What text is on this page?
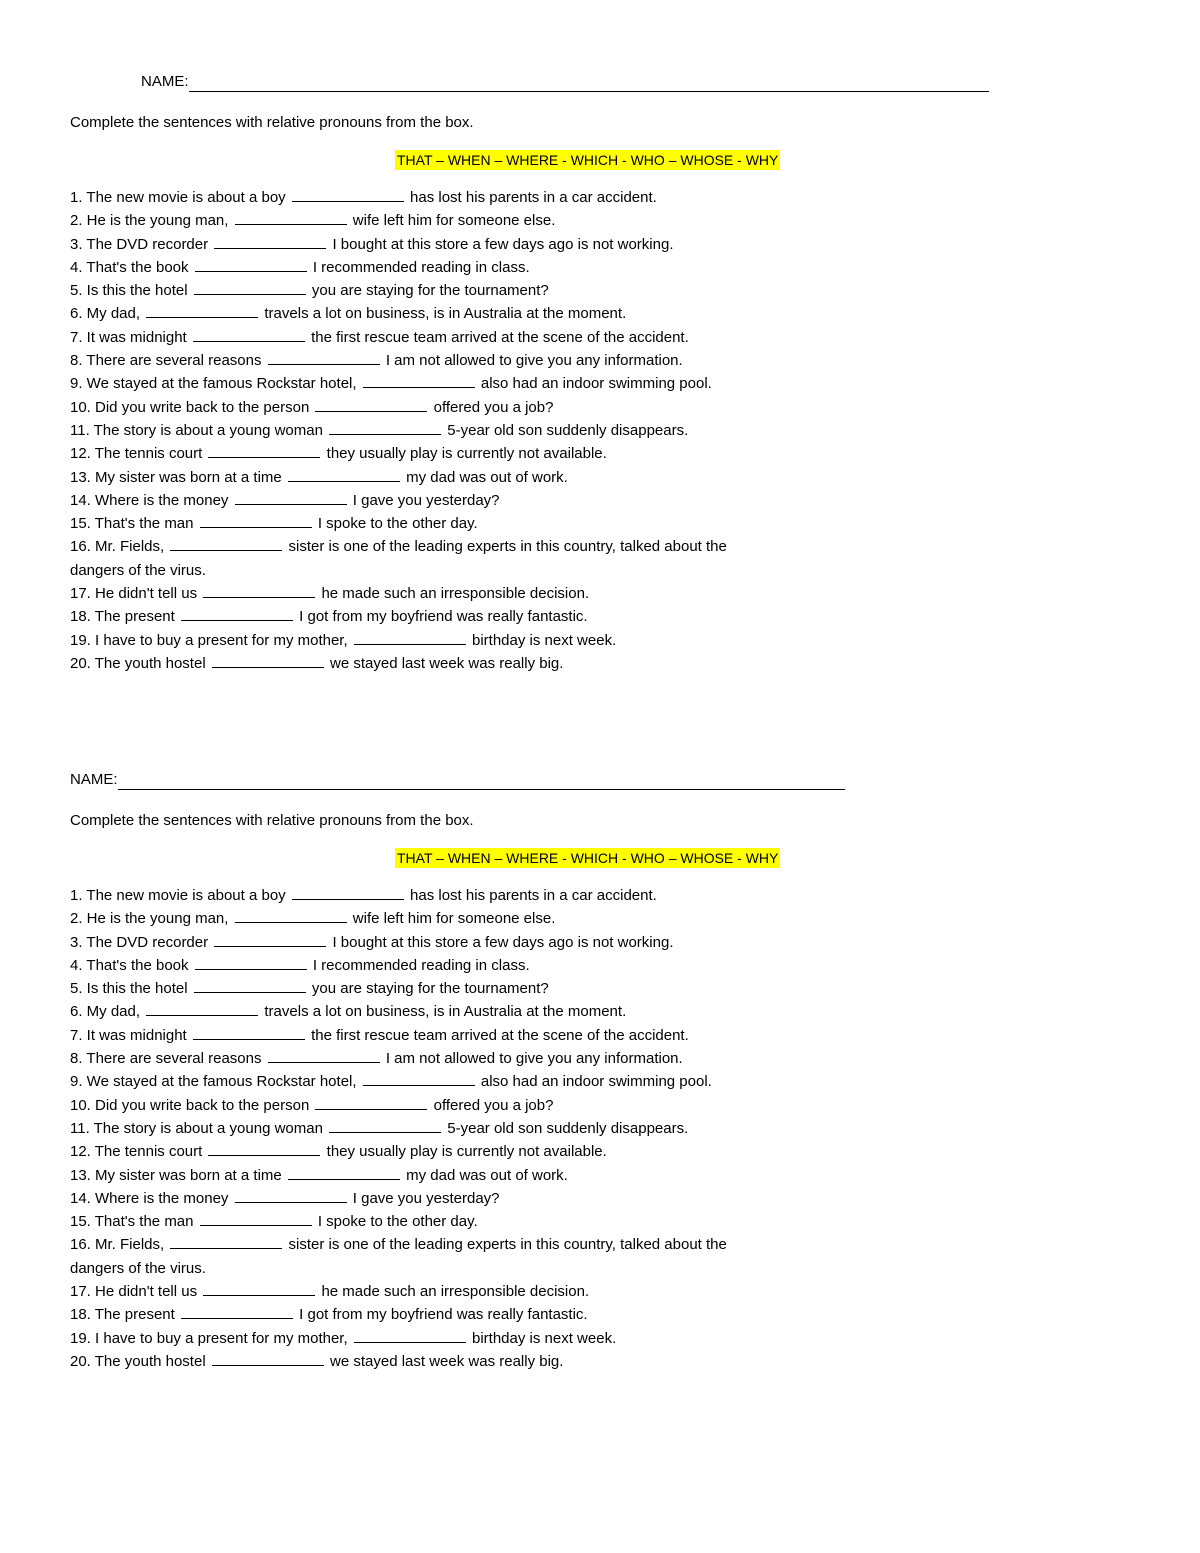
NAME:
Complete the sentences with relative pronouns from the box.
THAT – WHEN – WHERE - WHICH - WHO – WHOSE - WHY
1. The new movie is about a boy	has lost his parents in a car accident.
2. He is the young man,	wife left him for someone else.
3. The DVD recorder	I bought at this store a few days ago is not working.
4. That's the book	I recommended reading in class.
5. Is this the hotel	you are staying for the tournament?
6. My dad,	travels a lot on business, is in Australia at the moment.
7. It was midnight	the first rescue team arrived at the scene of the accident.
8. There are several reasons	I am not allowed to give you any information.
9. We stayed at the famous Rockstar hotel,	also had an indoor swimming pool.
10. Did you write back to the person	offered you a job?
11. The story is about a young woman	5-year old son suddenly disappears.
12. The tennis court	they usually play is currently not available.
13. My sister was born at a time	my dad was out of work.
14. Where is the money	I gave you yesterday?
15. That's the man	I spoke to the other day.
16. Mr. Fields,	sister is one of the leading experts in this country, talked about the dangers of the virus.
17. He didn't tell us	he made such an irresponsible decision.
18. The present	I got from my boyfriend was really fantastic.
19. I have to buy a present for my mother,	birthday is next week.
20. The youth hostel	we stayed last week was really big.
NAME:
Complete the sentences with relative pronouns from the box.
THAT – WHEN – WHERE - WHICH - WHO – WHOSE - WHY
1. The new movie is about a boy	has lost his parents in a car accident.
2. He is the young man,	wife left him for someone else.
3. The DVD recorder	I bought at this store a few days ago is not working.
4. That's the book	I recommended reading in class.
5. Is this the hotel	you are staying for the tournament?
6. My dad,	travels a lot on business, is in Australia at the moment.
7. It was midnight	the first rescue team arrived at the scene of the accident.
8. There are several reasons	I am not allowed to give you any information.
9. We stayed at the famous Rockstar hotel,	also had an indoor swimming pool.
10. Did you write back to the person	offered you a job?
11. The story is about a young woman	5-year old son suddenly disappears.
12. The tennis court	they usually play is currently not available.
13. My sister was born at a time	my dad was out of work.
14. Where is the money	I gave you yesterday?
15. That's the man	I spoke to the other day.
16. Mr. Fields,	sister is one of the leading experts in this country, talked about the dangers of the virus.
17. He didn't tell us	he made such an irresponsible decision.
18. The present	I got from my boyfriend was really fantastic.
19. I have to buy a present for my mother,	birthday is next week.
20. The youth hostel	we stayed last week was really big.
